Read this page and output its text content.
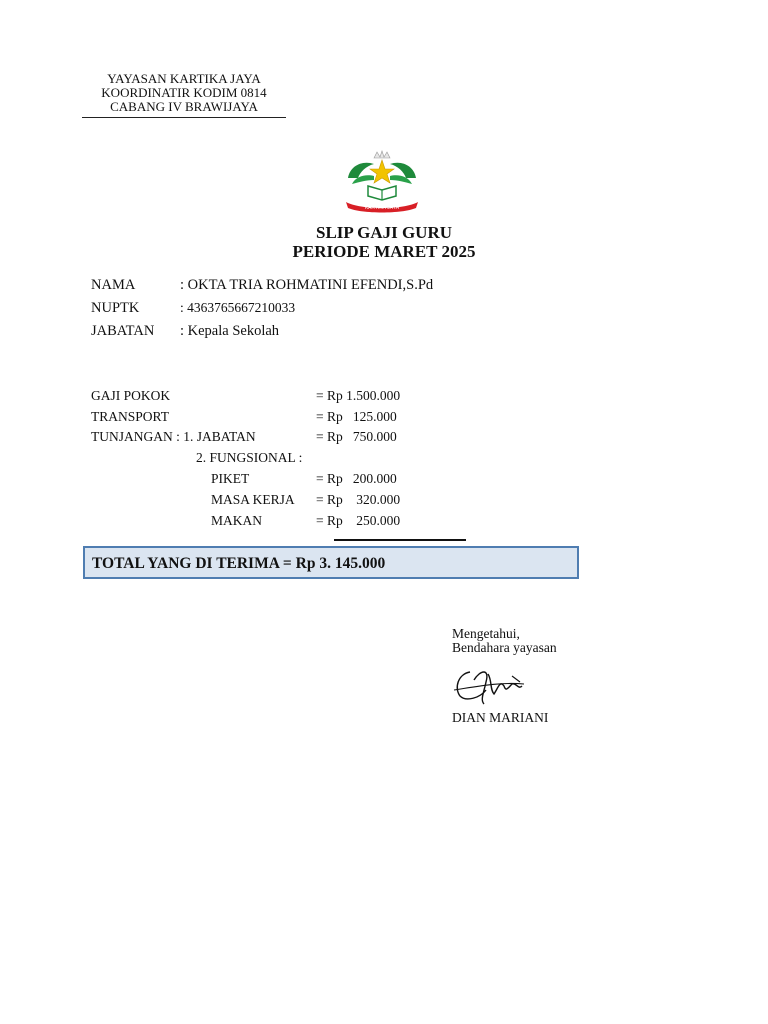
YAYASAN KARTIKA JAYA
KOORDINATIR KODIM 0814
CABANG IV BRAWIJAYA
KARTIKA JAYA
SLIP GAJI GURU
PERIODE MARET 2025
NAMA	: OKTA TRIA ROHMATINI EFENDI,S.Pd
NUPTK	: 4363765667210033
JABATAN : Kepala Sekolah
GAJI POKOK	= Rp 1.500.000
TRANSPORT	= Rp   125.000
TUNJANGAN : 1. JABATAN	= Rp   750.000
2. FUNGSIONAL :
PIKET	= Rp   200.000
MASA KERJA = Rp    320.000
MAKAN	= Rp    250.000
TOTAL YANG DI TERIMA = Rp 3. 145.000
Mengetahui,
Bendahara yayasan
DIAN MARIANI
